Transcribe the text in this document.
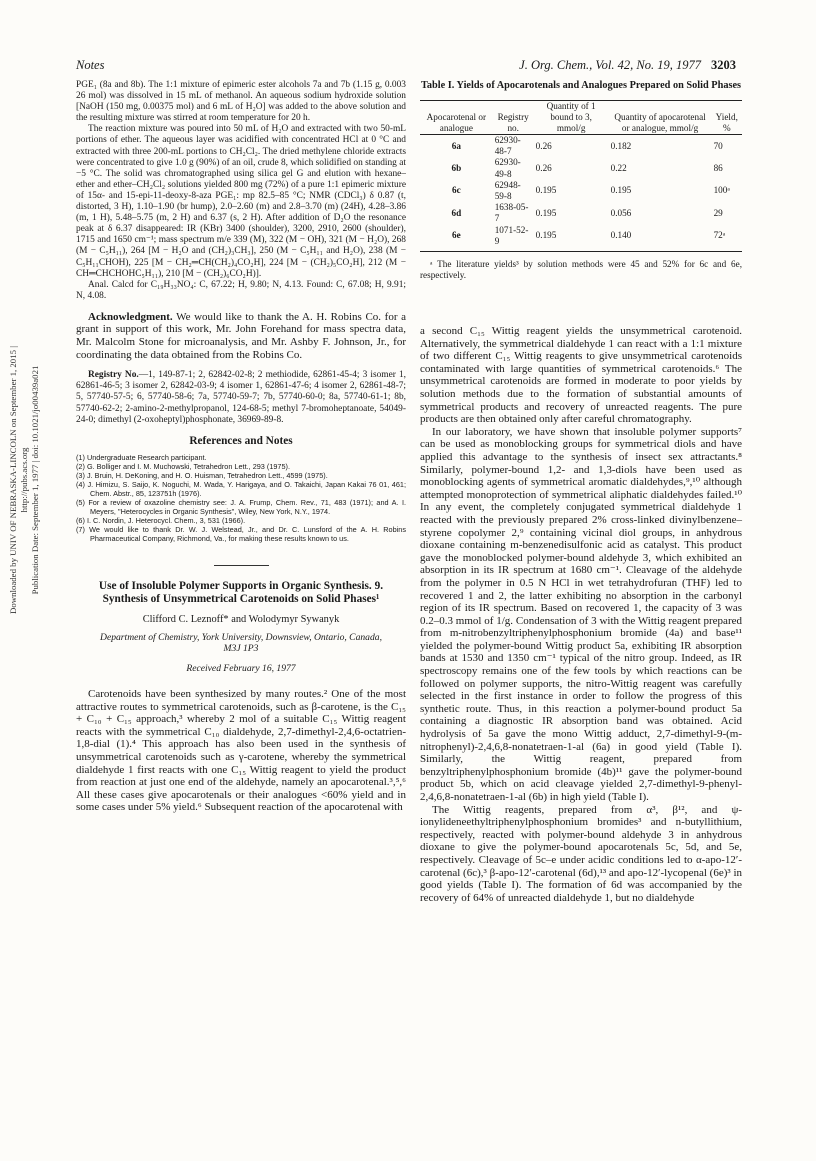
Notes	J. Org. Chem., Vol. 42, No. 19, 1977 3203
Downloaded by UNIV OF NEBRASKA-LINCOLN on September 1, 2015 | http://pubs.acs.org Publication Date: September 1, 1977 | doi: 10.1021/jo00439a021

PGE₁ (8a and 8b). The 1:1 mixture of epimeric ester alcohols 7a and 7b (1.15 g, 0.003 26 mol) was dissolved in 15 mL of methanol. An aqueous sodium hydroxide solution [NaOH (150 mg, 0.00375 mol) and 6 mL of H₂O] was added to the above solution and the resulting mixture was stirred at room temperature for 20 h.

The reaction mixture was poured into 50 mL of H₂O and extracted with two 50-mL portions of ether. The aqueous layer was acidified with concentrated HCl at 0 °C and extracted with three 200-mL portions to CH₂Cl₂. The dried methylene chloride extracts were concentrated to give 1.0 g (90%) of an oil, crude 8, which solidified on standing at −5 °C. The solid was chromatographed using silica gel G and elution with hexane–ether and ether–CH₂Cl₂ solutions yielded 800 mg (72%) of a pure 1:1 epimeric mixture of 15α- and 15-epi-11-deoxy-8-aza PGE₁: mp 82.5–85 °C; NMR (CDCl₃) δ 0.87 (t, distorted, 3 H), 1.10–1.90 (br hump), 2.0–2.60 (m) and 2.8–3.70 (m) (24H), 4.28–3.86 (m, 1 H), 5.48–5.75 (m, 2 H) and 6.37 (s, 2 H). After addition of D₂O the resonance peak at δ 6.37 disappeared: IR (KBr) 3400 (shoulder), 3200, 2910, 2600 (shoulder), 1715 and 1650 cm⁻¹; mass spectrum m/e 339 (M), 322 (M − OH), 321 (M − H₂O), 268 (M − C₅H₁₁), 264 [M − H₂O and (CH₂)₃CH₃], 250 (M − C₅H₁₁ and H₂O), 238 (M − C₅H₁₁CHOH), 225 [M − CH₂═CH(CH₂)₄CO₂H], 224 [M − (CH₂)₅CO₂H], 212 (M − CH═CHCHOHC₅H₁₁), 210 [M − (CH₂)₆CO₂H)].

Anal. Calcd for C₁₉H₃₃NO₄: C, 67.22; H, 9.80; N, 4.13. Found: C, 67.08; H, 9.91; N, 4.08.

Acknowledgment. We would like to thank the A. H. Robins Co. for a grant in support of this work, Mr. John Forehand for mass spectra data, Mr. Malcolm Stone for microanalysis, and Mr. Ashby F. Johnson, Jr., for coordinating the data obtained from the Robins Co.

Registry No.—1, 149-87-1; 2, 62842-02-8; 2 methiodide, 62861-45-4; 3 isomer 1, 62861-46-5; 3 isomer 2, 62842-03-9; 4 isomer 1, 62861-47-6; 4 isomer 2, 62861-48-7; 5, 57740-57-5; 6, 57740-58-6; 7a, 57740-59-7; 7b, 57740-60-0; 8a, 57740-61-1; 8b, 57740-62-2; 2-amino-2-methylpropanol, 124-68-5; methyl 7-bromoheptanoate, 54049-24-0; dimethyl (2-oxoheptyl)phosphonate, 36969-89-8.

References and Notes
(1) Undergraduate Research participant.
(2) G. Bolliger and I. M. Muchowski, Tetrahedron Lett., 293 (1975).
(3) J. Bruin, H. DeKoning, and H. O. Huisman, Tetrahedron Lett., 4599 (1975).
(4) J. Himizu, S. Saijo, K. Noguchi, M. Wada, Y. Harigaya, and O. Takaichi, Japan Kakai 76 01, 461; Chem. Abstr., 85, 123751h (1976).
(5) For a review of oxazoline chemistry see: J. A. Frump, Chem. Rev., 71, 483 (1971); and A. I. Meyers, "Heterocycles in Organic Synthesis", Wiley, New York, N.Y., 1974.
(6) I. C. Nordin, J. Heterocycl. Chem., 3, 531 (1966).
(7) We would like to thank Dr. W. J. Welstead, Jr., and Dr. C. Lunsford of the A. H. Robins Pharmaceutical Company, Richmond, Va., for making these results known to us.
Use of Insoluble Polymer Supports in Organic Synthesis. 9. Synthesis of Unsymmetrical Carotenoids on Solid Phases¹
Clifford C. Leznoff* and Wolodymyr Sywanyk
Department of Chemistry, York University, Downsview, Ontario, Canada, M3J 1P3
Received February 16, 1977

Carotenoids have been synthesized by many routes.² One of the most attractive routes to symmetrical carotenoids, such as β-carotene, is the C₁₅ + C₁₀ + C₁₅ approach,³ whereby 2 mol of a suitable C₁₅ Wittig reagent reacts with the symmetrical C₁₀ dialdehyde, 2,7-dimethyl-2,4,6-octatrien-1,8-dial (1).⁴ This approach has also been used in the synthesis of unsymmetrical carotenoids such as γ-carotene, whereby the symmetrical dialdehyde 1 first reacts with one C₁₅ Wittig reagent to yield the product from reaction at just one end of the aldehyde, namely an apocarotenal.³,⁵,⁶ All these cases give apocarotenals or their analogues <60% yield and in some cases under 5% yield.⁶ Subsequent reaction of the apocarotenal with

Table I. Yields of Apocarotenals and Analogues Prepared on Solid Phases
Apocarotenal or analogue	Registry no.	Quantity of 1 bound to 3, mmol/g	Quantity of apocarotenal or analogue, mmol/g	Yield, %
6a	62930-48-7	0.26	0.182	70
6b	62930-49-8	0.26	0.22	86
6c	62948-59-8	0.195	0.195	100ᵃ
6d	1638-05-7	0.195	0.056	29
6e	1071-52-9	0.195	0.140	72ᵃ

ᵃ The literature yields³ by solution methods were 45 and 52% for 6c and 6e, respectively.

a second C₁₅ Wittig reagent yields the unsymmetrical carotenoid. Alternatively, the symmetrical dialdehyde 1 can react with a 1:1 mixture of two different C₁₅ Wittig reagents to give unsymmetrical carotenoids contaminated with large quantities of symmetrical carotenoids.⁶ The unsymmetrical carotenoids are formed in moderate to poor yields by solution methods due to the formation of substantial amounts of symmetrical products and recovery of unreacted reagents. The pure products are then obtained only after careful chromatography.

In our laboratory, we have shown that insoluble polymer supports⁷ can be used as monoblocking groups for symmetrical diols and have applied this advantage to the synthesis of insect sex attractants.⁸ Similarly, polymer-bound 1,2- and 1,3-diols have been used as monoblocking agents of symmetrical aromatic dialdehydes,⁹,¹⁰ although attempted monoprotection of symmetrical aliphatic dialdehydes failed.¹⁰ In any event, the completely conjugated symmetrical dialdehyde 1 reacted with the previously prepared 2% cross-linked divinylbenzene–styrene copolymer 2,⁹ containing vicinal diol groups, in anhydrous dioxane containing m-benzenedisulfonic acid as catalyst. This product gave the monoblocked polymer-bound aldehyde 3, which exhibited an absorption in its IR spectrum at 1680 cm⁻¹. Cleavage of the aldehyde from the polymer in 0.5 N HCl in wet tetrahydrofuran (THF) led to recovered 1 and 2, the latter exhibiting no absorption in the carbonyl region of its IR spectrum. Based on recovered 1, the capacity of 3 was 0.2–0.3 mmol of 1/g. Condensation of 3 with the Wittig reagent prepared from m-nitrobenzyltriphenylphosphonium bromide (4a) and base¹¹ yielded the polymer-bound Wittig product 5a, exhibiting IR absorption bands at 1530 and 1350 cm⁻¹ typical of the nitro group. Indeed, as IR spectroscopy remains one of the few tools by which reactions can be followed on polymer supports, the nitro-Wittig reagent was carefully selected in the first instance in order to follow the progress of this synthetic route. Thus, in this reaction a polymer-bound product 5a containing a diagnostic IR absorption band was obtained. Acid hydrolysis of 5a gave the mono Wittig adduct, 2,7-dimethyl-9-(m-nitrophenyl)-2,4,6,8-nonatetraen-1-al (6a) in good yield (Table I). Similarly, the Wittig reagent, prepared from benzyltriphenylphosphonium bromide (4b)¹¹ gave the polymer-bound product 5b, which on acid cleavage yielded 2,7-dimethyl-9-phenyl-2,4,6,8-nonatetraen-1-al (6b) in high yield (Table I).

The Wittig reagents, prepared from α³, β¹², and ψ-ionylideneethyltriphenylphosphonium bromides³ and n-butyllithium, respectively, reacted with polymer-bound aldehyde 3 in anhydrous dioxane to give the polymer-bound apocarotenals 5c, 5d, and 5e, respectively. Cleavage of 5c–e under acidic conditions led to α-apo-12′-carotenal (6c),³ β-apo-12′-carotenal (6d),¹³ and apo-12′-lycopenal (6e)³ in good yields (Table I). The formation of 6d was accompanied by the recovery of 64% of unreacted dialdehyde 1, but no dialdehyde
